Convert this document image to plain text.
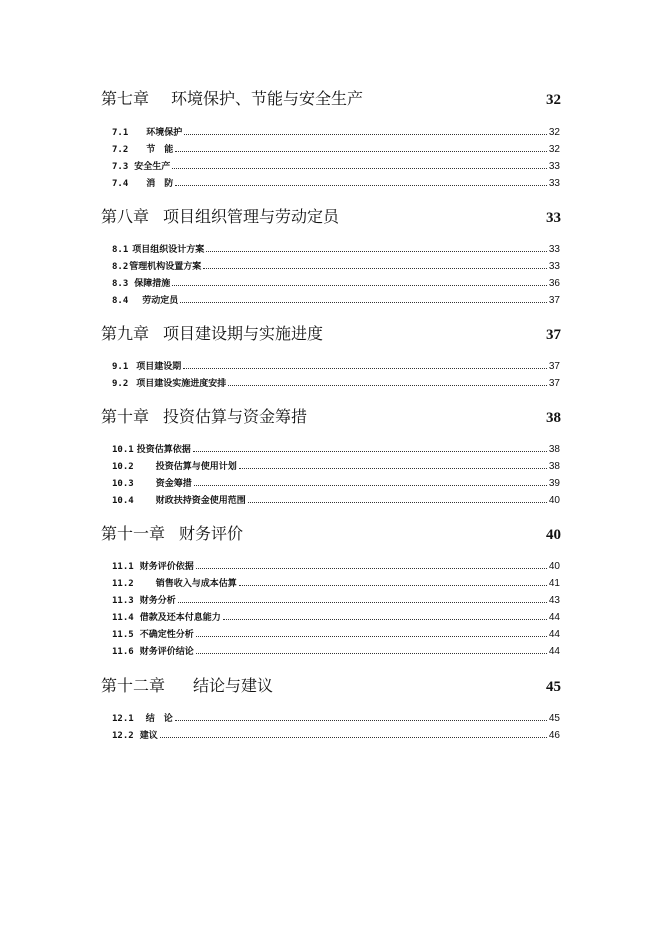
第七章 环境保护、节能与安全生产	32
7.1 环境保护	32
7.2 节　能	32
7.3 安全生产	33
7.4 消　防	33
第八章 项目组织管理与劳动定员	33
8.1 项目组织设计方案	33
8.2 管理机构设置方案	33
8.3 保障措施	36
8.4 劳动定员	37
第九章 项目建设期与实施进度	37
9.1 项目建设期	37
9.2 项目建设实施进度安排	37
第十章 投资估算与资金筹措	38
10.1 投资估算依据	38
10.2 投资估算与使用计划	38
10.3 资金筹措	39
10.4 财政扶持资金使用范围	40
第十一章 财务评价	40
11.1 财务评价依据	40
11.2 销售收入与成本估算	41
11.3 财务分析	43
11.4 借款及还本付息能力	44
11.5 不确定性分析	44
11.6 财务评价结论	44
第十二章 结论与建议	45
12.1 结　论	45
12.2 建议	46
